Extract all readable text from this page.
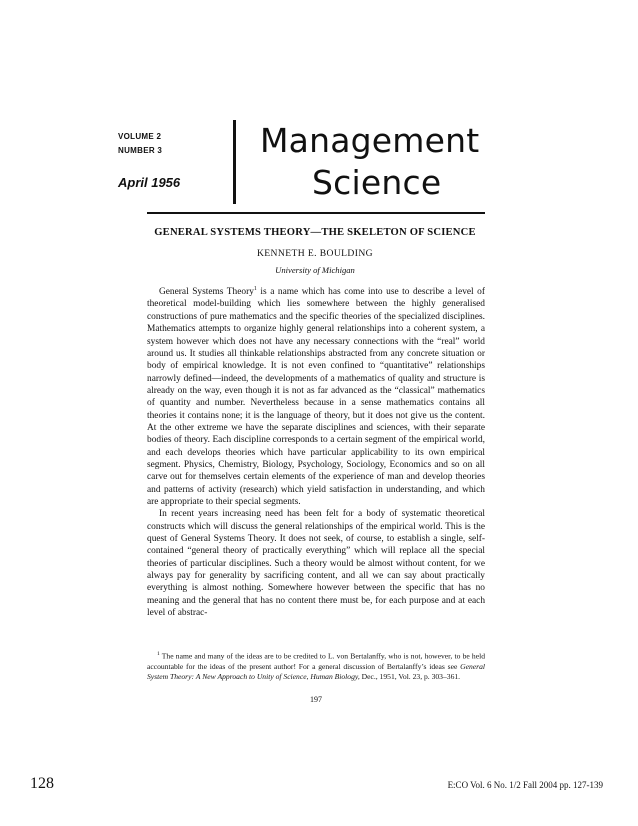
VOLUME 2
NUMBER 3
April 1956
Management
Science
GENERAL SYSTEMS THEORY—THE SKELETON OF SCIENCE
KENNETH E. BOULDING
University of Michigan

General Systems Theory$^1$ is a name which has come into use to describe a level of theoretical model-building which lies somewhere between the highly generalised constructions of pure mathematics and the specific theories of the specialized disciplines. Mathematics attempts to organize highly general relationships into a coherent system, a system however which does not have any necessary connections with the “real” world around us. It studies all thinkable relationships abstracted from any concrete situation or body of empirical knowledge. It is not even confined to “quantitative” relationships narrowly defined—indeed, the developments of a mathematics of quality and structure is already on the way, even though it is not as far advanced as the “classical” mathematics of quantity and number. Nevertheless because in a sense mathematics contains all theories it contains none; it is the language of theory, but it does not give us the content. At the other extreme we have the separate disciplines and sciences, with their separate bodies of theory. Each discipline corresponds to a certain segment of the empirical world, and each develops theories which have particular applicability to its own empirical segment. Physics, Chemistry, Biology, Psychology, Sociology, Economics and so on all carve out for themselves certain elements of the experience of man and develop theories and patterns of activity (research) which yield satisfaction in understanding, and which are appropriate to their special segments.

In recent years increasing need has been felt for a body of systematic theoretical constructs which will discuss the general relationships of the empirical world. This is the quest of General Systems Theory. It does not seek, of course, to establish a single, self-contained “general theory of practically everything” which will replace all the special theories of particular disciplines. Such a theory would be almost without content, for we always pay for generality by sacrificing content, and all we can say about practically everything is almost nothing. Somewhere however between the specific that has no meaning and the general that has no content there must be, for each purpose and at each level of abstrac-

$^1$ The name and many of the ideas are to be credited to L. von Bertalanffy, who is not, however, to be held accountable for the ideas of the present author! For a general discussion of Bertalanffy’s ideas see General System Theory: A New Approach to Unity of Science, Human Biology, Dec., 1951, Vol. 23, p. 303–361.

197
128	E:CO Vol. 6 No. 1/2 Fall 2004 pp. 127-139
